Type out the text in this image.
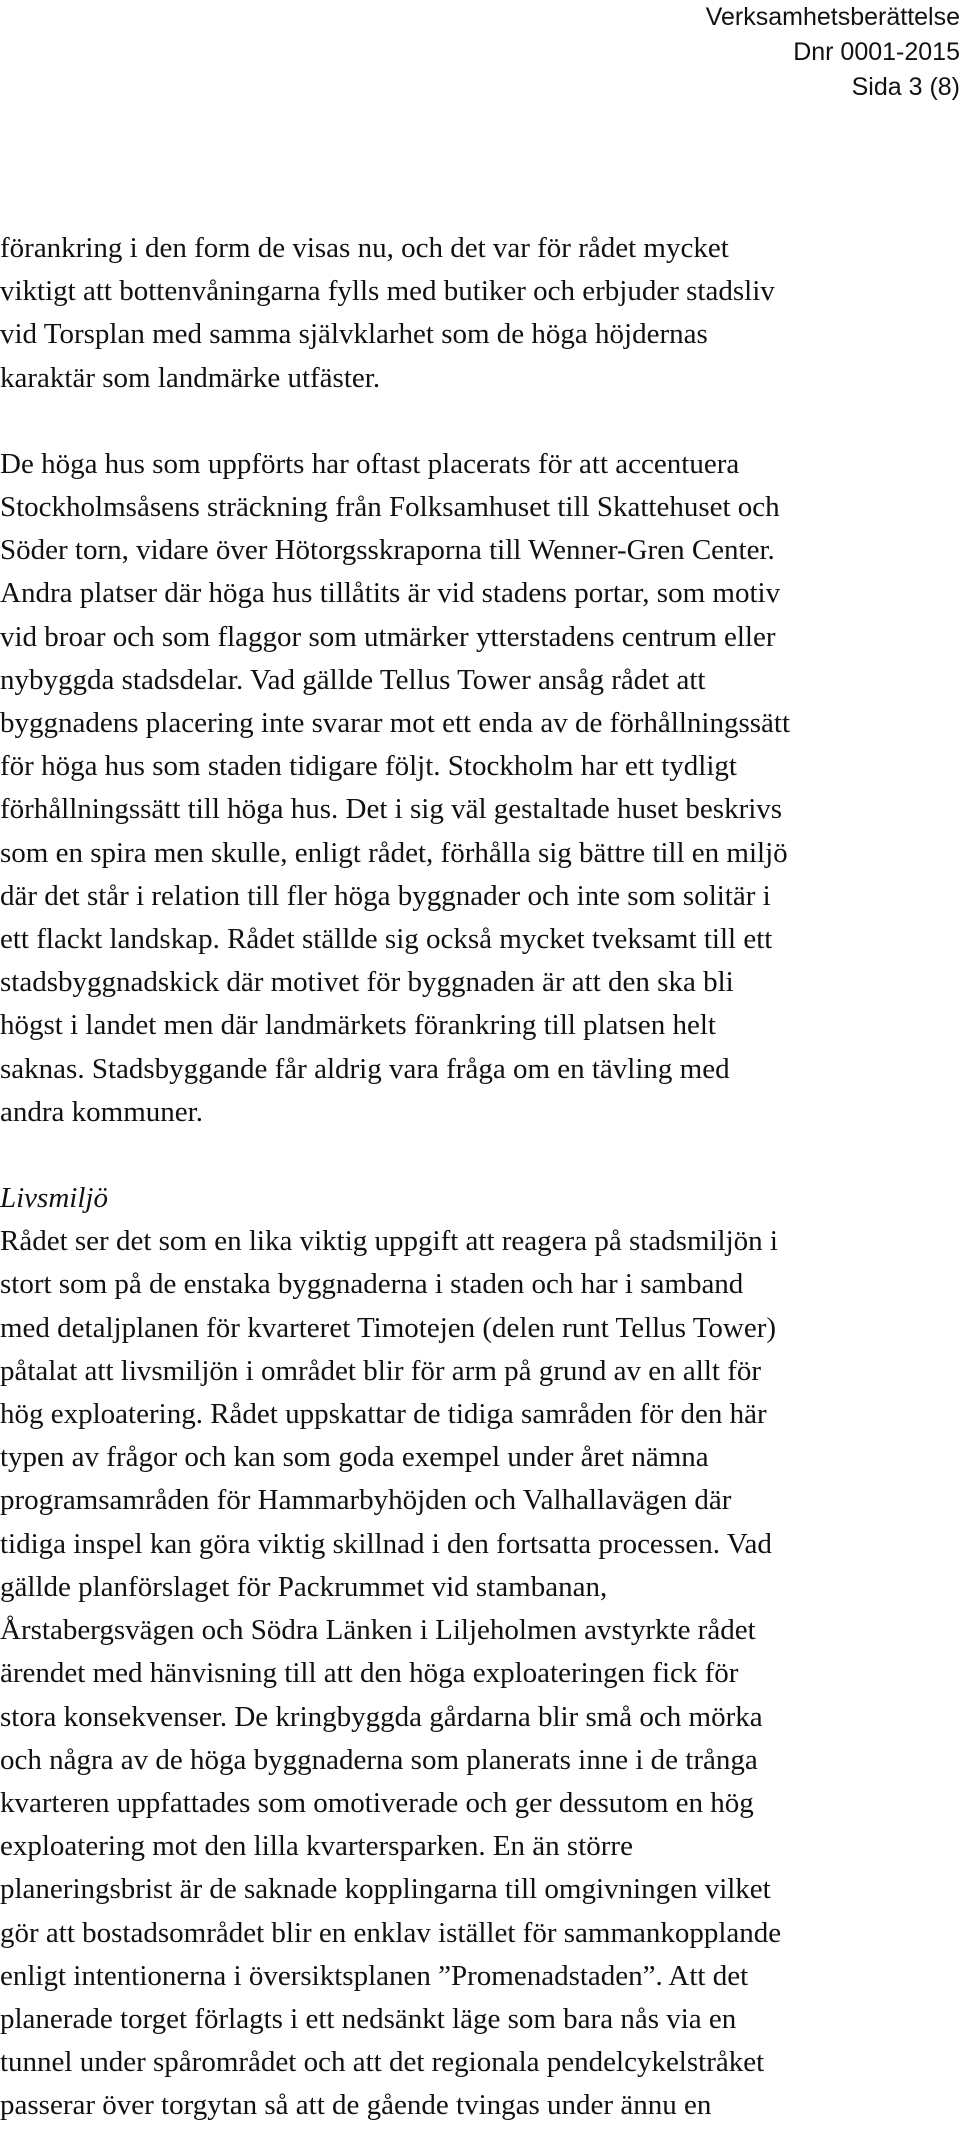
Verksamhetsberättelse
Dnr 0001-2015
Sida 3 (8)

förankring i den form de visas nu, och det var för rådet mycket
viktigt att bottenvåningarna fylls med butiker och erbjuder stadsliv
vid Torsplan med samma självklarhet som de höga höjdernas
karaktär som landmärke utfäster.

De höga hus som uppförts har oftast placerats för att accentuera
Stockholmsåsens sträckning från Folksamhuset till Skattehuset och
Söder torn, vidare över Hötorgsskraporna till Wenner-Gren Center.
Andra platser där höga hus tillåtits är vid stadens portar, som motiv
vid broar och som flaggor som utmärker ytterstadens centrum eller
nybyggda stadsdelar. Vad gällde Tellus Tower ansåg rådet att
byggnadens placering inte svarar mot ett enda av de förhållningssätt
för höga hus som staden tidigare följt. Stockholm har ett tydligt
förhållningssätt till höga hus. Det i sig väl gestaltade huset beskrivs
som en spira men skulle, enligt rådet, förhålla sig bättre till en miljö
där det står i relation till fler höga byggnader och inte som solitär i
ett flackt landskap. Rådet ställde sig också mycket tveksamt till ett
stadsbyggnadskick där motivet för byggnaden är att den ska bli
högst i landet men där landmärkets förankring till platsen helt
saknas. Stadsbyggande får aldrig vara fråga om en tävling med
andra kommuner.

Livsmiljö

Rådet ser det som en lika viktig uppgift att reagera på stadsmiljön i
stort som på de enstaka byggnaderna i staden och har i samband
med detaljplanen för kvarteret Timotejen (delen runt Tellus Tower)
påtalat att livsmiljön i området blir för arm på grund av en allt för
hög exploatering. Rådet uppskattar de tidiga samråden för den här
typen av frågor och kan som goda exempel under året nämna
programsamråden för Hammarbyhöjden och Valhallavägen där
tidiga inspel kan göra viktig skillnad i den fortsatta processen. Vad
gällde planförslaget för Packrummet vid stambanan,
Årstabergsvägen och Södra Länken i Liljeholmen avstyrkte rådet
ärendet med hänvisning till att den höga exploateringen fick för
stora konsekvenser. De kringbyggda gårdarna blir små och mörka
och några av de höga byggnaderna som planerats inne i de trånga
kvarteren uppfattades som omotiverade och ger dessutom en hög
exploatering mot den lilla kvartersparken. En än större
planeringsbrist är de saknade kopplingarna till omgivningen vilket
gör att bostadsområdet blir en enklav istället för sammankopplande
enligt intentionerna i översiktsplanen ”Promenadstaden”. Att det
planerade torget förlagts i ett nedsänkt läge som bara nås via en
tunnel under spårområdet och att det regionala pendelcykelstråket
passerar över torgytan så att de gående tvingas under ännu en
